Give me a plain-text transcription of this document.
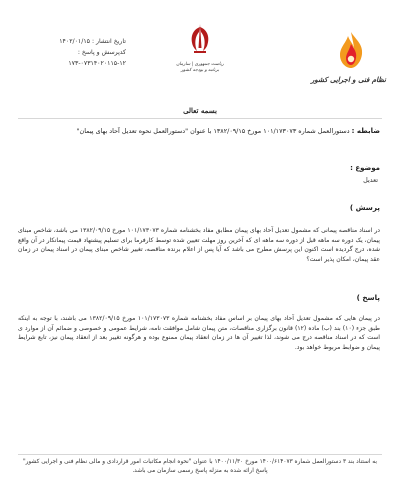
نظام فنی و اجرایی کشور
ریاست جمهوری | سازمان برنامه و بودجه کشور
تاریخ انتشار : ۱۴۰۲/۰۱/۱۵
کدپرسش و پاسخ :
۱۷۳-۰۷۳۱۴۰۲۰۱۱۵-۱۲
بسمه تعالی
ضابطه : دستورالعمل شماره ۱۰۱/۱۷۳۰۷۳ مورخ ۱۳۸۲/۰۹/۱۵ با عنوان "دستورالعمل نحوه تعدیل آحاد بهای پیمان"
موضوع :
تعدیل
پرسش )
در اسناد مناقصه پیمانی که مشمول تعدیل آحاد بهای پیمان مطابق مفاد بخشنامه شماره ۱۰۱/۱۷۳۰۷۳ مورخ ۱۳۸۲/۰۹/۱۵ می باشد، شاخص مبنای پیمان، یک دوره سه ماهه قبل از دوره سه ماهه ای که آخرین روز مهلت تعیین شده توسط کارفرما برای تسلیم پیشنهاد قیمت پیمانکار در آن واقع شده، درج گردیده است اکنون این پرسش مطرح می باشد که آیا پس از اعلام برنده مناقصه، تغییر شاخص مبنای پیمان در اسناد پیمان در زمان عقد پیمان، امکان پذیر است؟
پاسخ )
در پیمان هایی که مشمول تعدیل آحاد بهای پیمان بر اساس مفاد بخشنامه شماره ۱۰۱/۱۷۳۰۷۳ مورخ ۱۳۸۲/۰۹/۱۵ می باشند، با توجه به اینکه طبق جزء (۱۰) بند (ب) ماده (۱۲) قانون برگزاری مناقصات، متن پیمان شامل موافقت نامه، شرایط عمومی و خصوصی و ضمائم آن از موارد ی است که در اسناد مناقصه درج می شوند، لذا تغییر آن ها در زمان انعقاد پیمان ممنوع بوده و هرگونه تغییر بعد از انعقاد پیمان نیز، تابع شرایط پیمان و ضوابط مربوط خواهد بود.
به استناد بند ۳ دستورالعمل شماره ۱۴۰۰/۶۱۴۰۷۳ مورخ ۱۴۰۰/۱۱/۳۰ با عنوان "نحوه انجام مکاتبات امور قراردادی و مالی نظام فنی و اجرایی کشور" پاسخ ارائه شده به منزله پاسخ رسمی سازمان می باشد.
